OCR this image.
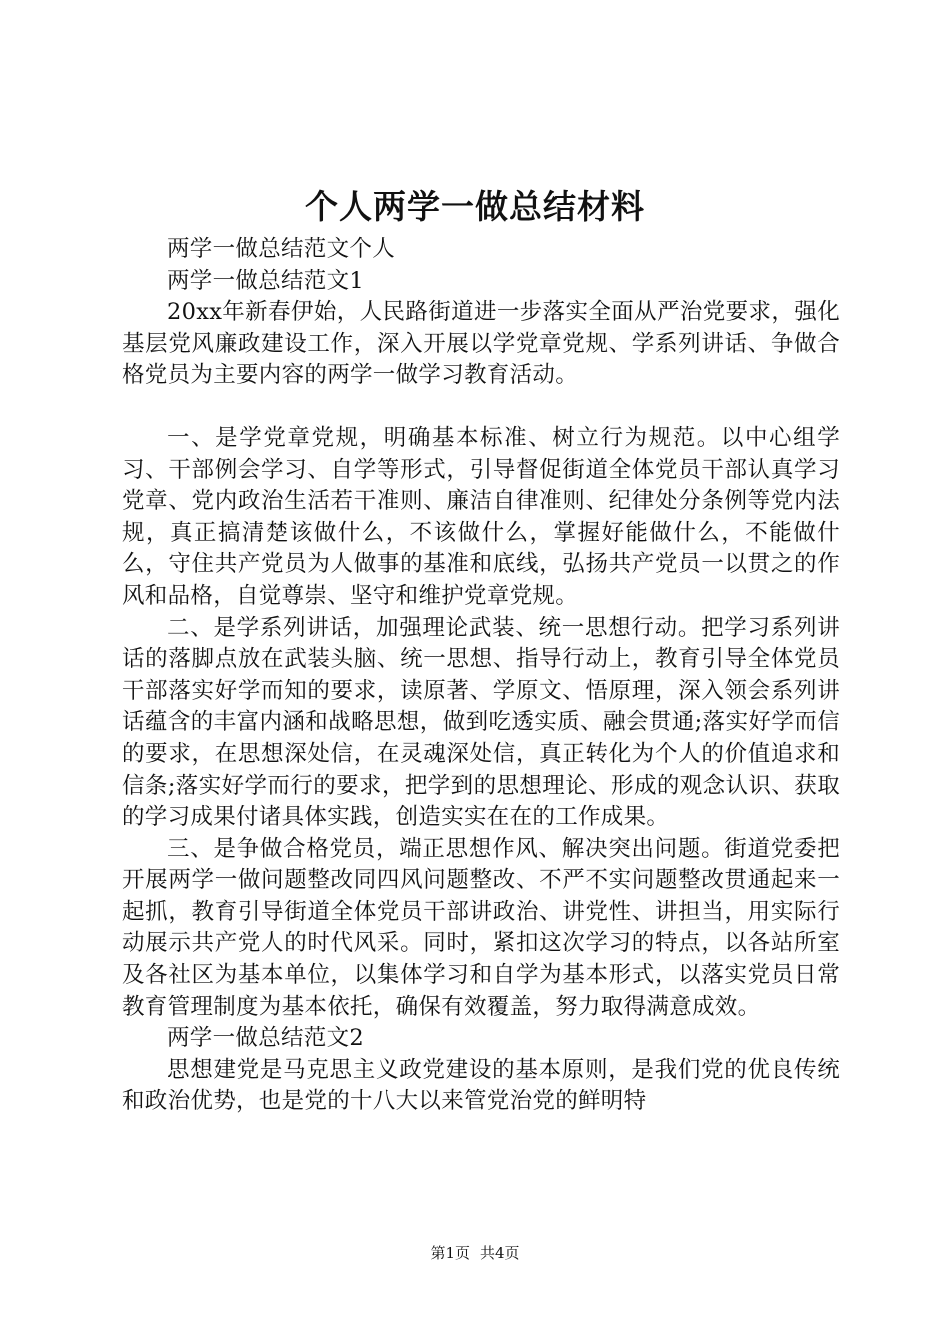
个人两学一做总结材料

两学一做总结范文个人

两学一做总结范文1

20xx年新春伊始，人民路街道进一步落实全面从严治党要求，强化基层党风廉政建设工作，深入开展以学党章党规、学系列讲话、争做合格党员为主要内容的两学一做学习教育活动。

一、是学党章党规，明确基本标准、树立行为规范。以中心组学习、干部例会学习、自学等形式，引导督促街道全体党员干部认真学习党章、党内政治生活若干准则、廉洁自律准则、纪律处分条例等党内法规，真正搞清楚该做什么，不该做什么，掌握好能做什么，不能做什么，守住共产党员为人做事的基准和底线，弘扬共产党员一以贯之的作风和品格，自觉尊崇、坚守和维护党章党规。

二、是学系列讲话，加强理论武装、统一思想行动。把学习系列讲话的落脚点放在武装头脑、统一思想、指导行动上，教育引导全体党员干部落实好学而知的要求，读原著、学原文、悟原理，深入领会系列讲话蕴含的丰富内涵和战略思想，做到吃透实质、融会贯通;落实好学而信的要求，在思想深处信，在灵魂深处信，真正转化为个人的价值追求和信条;落实好学而行的要求，把学到的思想理论、形成的观念认识、获取的学习成果付诸具体实践，创造实实在在的工作成果。

三、是争做合格党员，端正思想作风、解决突出问题。街道党委把开展两学一做问题整改同四风问题整改、不严不实问题整改贯通起来一起抓，教育引导街道全体党员干部讲政治、讲党性、讲担当，用实际行动展示共产党人的时代风采。同时，紧扣这次学习的特点，以各站所室及各社区为基本单位，以集体学习和自学为基本形式，以落实党员日常教育管理制度为基本依托，确保有效覆盖，努力取得满意成效。

两学一做总结范文2

思想建党是马克思主义政党建设的基本原则，是我们党的优良传统和政治优势，也是党的十八大以来管党治党的鲜明特

第1页 共4页
